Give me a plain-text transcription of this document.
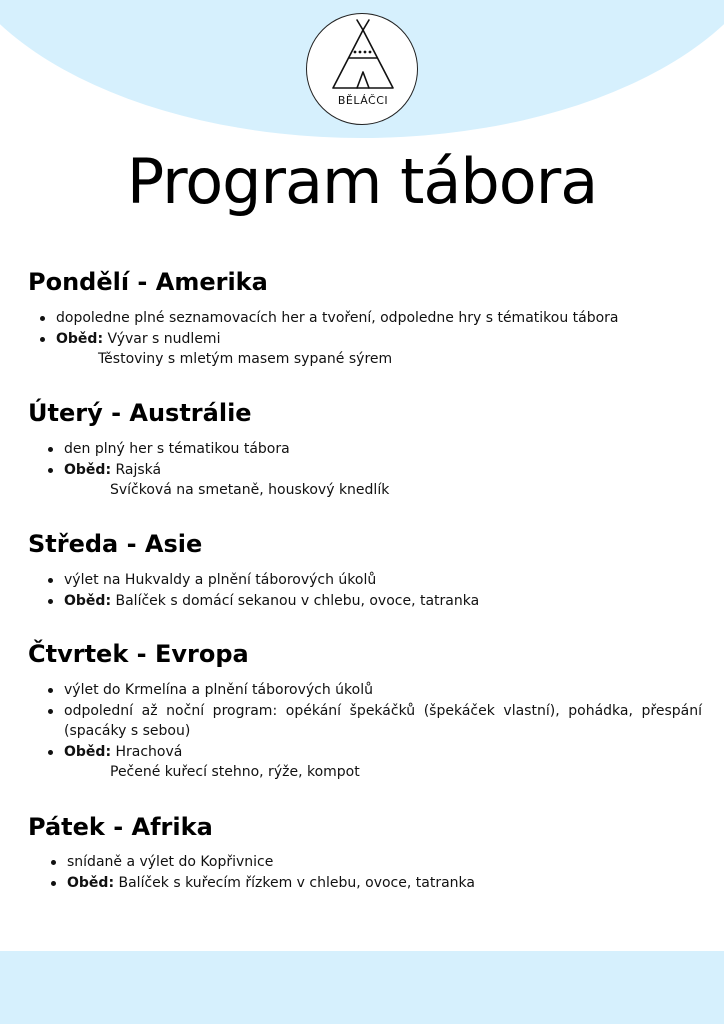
BĚLÁČCI
Program tábora
Pondělí - Amerika
dopoledne plné seznamovacích her a tvoření, odpoledne hry s tématikou tábora
Oběd: Vývar s nudlemi
Těstoviny s mletým masem sypané sýrem
Úterý - Austrálie
den plný her s tématikou tábora
Oběd: Rajská
Svíčková na smetaně, houskový knedlík
Středa - Asie
výlet na Hukvaldy a plnění táborových úkolů
Oběd: Balíček s domácí sekanou v chlebu, ovoce, tatranka
Čtvrtek - Evropa
výlet do Krmelína a plnění táborových úkolů
odpolední až noční program: opékání špekáčků (špekáček vlastní), pohádka, přespání (spacáky s sebou)
Oběd: Hrachová
Pečené kuřecí stehno, rýže, kompot
Pátek - Afrika
snídaně a výlet do Kopřivnice
Oběd: Balíček s kuřecím řízkem v chlebu, ovoce, tatranka
